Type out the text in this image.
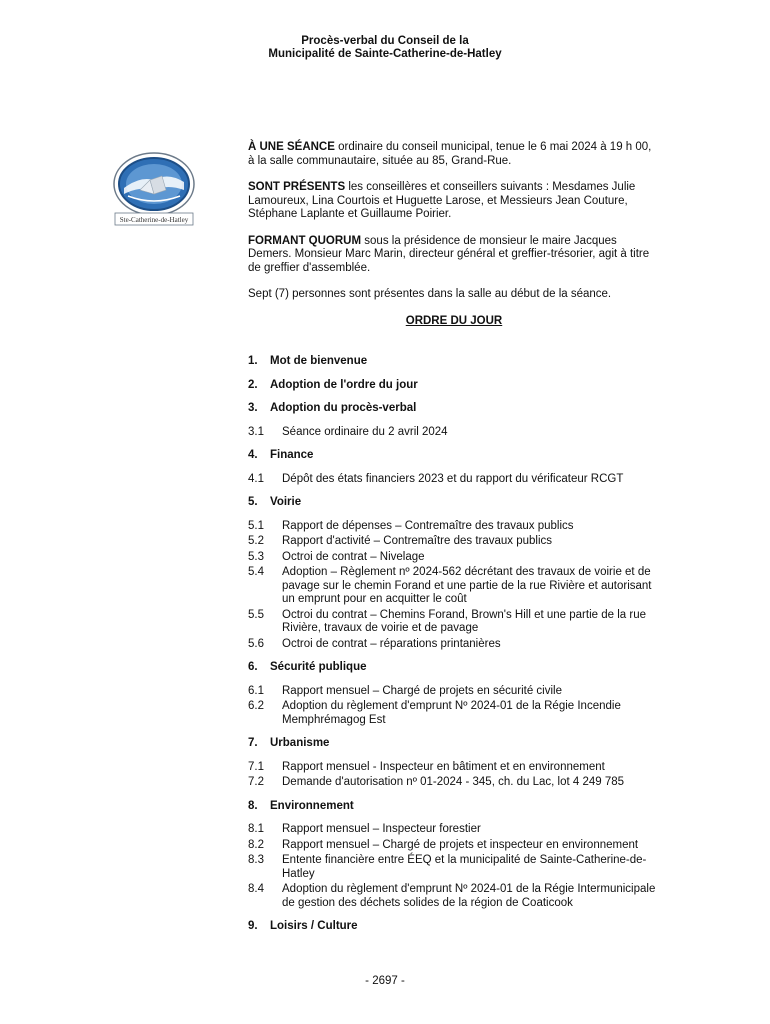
Procès-verbal du Conseil de la
Municipalité de Sainte-Catherine-de-Hatley
Ste-Catherine-de-Hatley

À UNE SÉANCE ordinaire du conseil municipal, tenue le 6 mai 2024 à 19 h 00, à la salle communautaire, située au 85, Grand-Rue.

SONT PRÉSENTS les conseillères et conseillers suivants : Mesdames Julie Lamoureux, Lina Courtois et Huguette Larose, et Messieurs Jean Couture, Stéphane Laplante et Guillaume Poirier.

FORMANT QUORUM sous la présidence de monsieur le maire Jacques Demers. Monsieur Marc Marin, directeur général et greffier-trésorier, agit à titre de greffier d'assemblée.

Sept (7) personnes sont présentes dans la salle au début de la séance.

ORDRE DU JOUR
1.	Mot de bienvenue
2.	Adoption de l'ordre du jour
3.	Adoption du procès-verbal
3.1	Séance ordinaire du 2 avril 2024
4.	Finance
4.1	Dépôt des états financiers 2023 et du rapport du vérificateur RCGT
5.	Voirie
5.1	Rapport de dépenses – Contremaître des travaux publics
5.2	Rapport d'activité – Contremaître des travaux publics
5.3	Octroi de contrat – Nivelage
5.4	Adoption – Règlement nº 2024-562 décrétant des travaux de voirie et de pavage sur le chemin Forand et une partie de la rue Rivière et autorisant un emprunt pour en acquitter le coût
5.5	Octroi du contrat – Chemins Forand, Brown's Hill et une partie de la rue Rivière, travaux de voirie et de pavage
5.6	Octroi de contrat – réparations printanières
6.	Sécurité publique
6.1	Rapport mensuel – Chargé de projets en sécurité civile
6.2	Adoption du règlement d'emprunt Nº 2024-01 de la Régie Incendie Memphrémagog Est
7.	Urbanisme
7.1	Rapport mensuel - Inspecteur en bâtiment et en environnement
7.2	Demande d'autorisation nº 01-2024 - 345, ch. du Lac, lot 4 249 785
8.	Environnement
8.1	Rapport mensuel – Inspecteur forestier
8.2	Rapport mensuel – Chargé de projets et inspecteur en environnement
8.3	Entente financière entre ÉEQ et la municipalité de Sainte-Catherine-de-Hatley
8.4	Adoption du règlement d'emprunt Nº 2024-01 de la Régie Intermunicipale de gestion des déchets solides de la région de Coaticook
9.	Loisirs / Culture
- 2697 -
